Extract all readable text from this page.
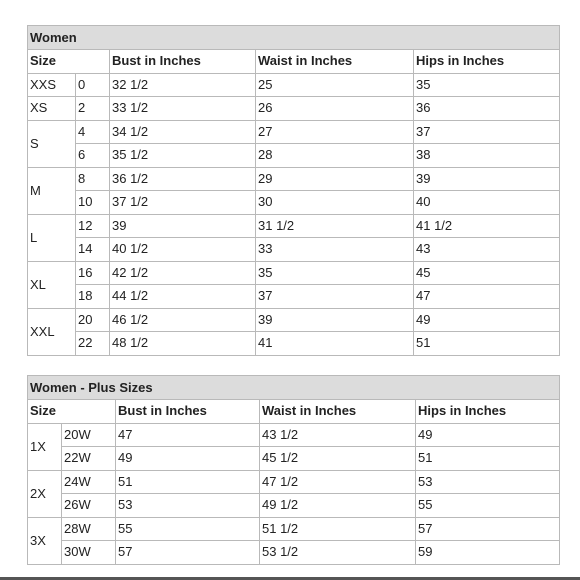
Women				
Size		Bust in Inches	Waist in Inches	Hips in Inches
XXS	0	32 1/2	25	35
XS	2	33 1/2	26	36
S	4	34 1/2	27	37
	6	35 1/2	28	38
M	8	36 1/2	29	39
	10	37 1/2	30	40
L	12	39	31 1/2	41 1/2
	14	40 1/2	33	43
XL	16	42 1/2	35	45
	18	44 1/2	37	47
XXL	20	46 1/2	39	49
	22	48 1/2	41	51
Women - Plus Sizes				
Size		Bust in Inches	Waist in Inches	Hips in Inches
1X	20W	47	43 1/2	49
	22W	49	45 1/2	51
2X	24W	51	47 1/2	53
	26W	53	49 1/2	55
3X	28W	55	51 1/2	57
	30W	57	53 1/2	59
